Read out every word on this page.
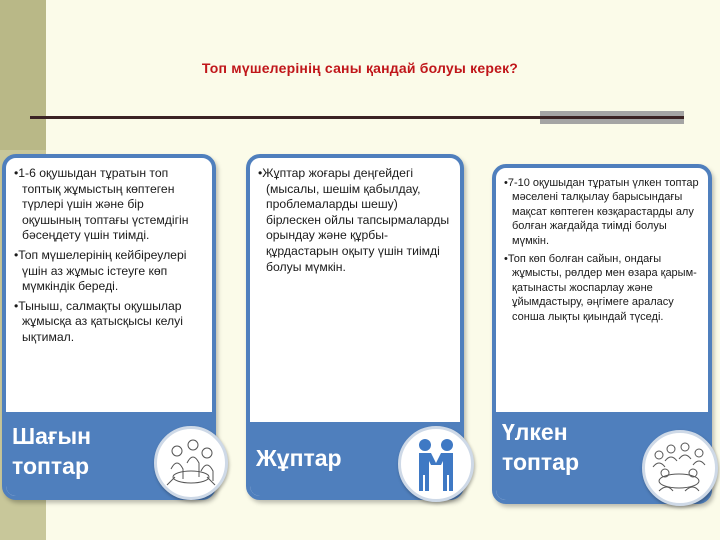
Топ мүшелерінің саны қандай болуы керек?

•1-6 оқушыдан тұратын топ топтық жұмыстың көптеген түрлері үшін және бір оқушының топтағы үстемдігін бәсеңдету үшін тиімді.

•Топ мүшелерінің кейбіреулері үшін аз жұмыс істеуге көп мүмкіндік береді.

•Тыныш, салмақты оқушылар жұмысқа аз қатысқысы келуі ықтимал.

Шағын
топтар

•Жұптар жоғары деңгейдегі (мысалы, шешім қабылдау, проблемаларды шешу) бірлескен ойлы тапсырмаларды орындау және құрбы-құрдастарын оқыту үшін тиімді болуы мүмкін.

Жұптар

•7-10 оқушыдан тұратын үлкен топтар мәселені талқылау барысындағы мақсат көптеген көзқарастарды алу болған жағдайда тиімді болуы мүмкін.

•Топ көп болған сайын, ондағы жұмысты, рөлдер мен өзара қарым-қатынасты жоспарлау және ұйымдастыру, әңгімеге араласу сонша лықты қиындай түседі.

Үлкен
топтар
